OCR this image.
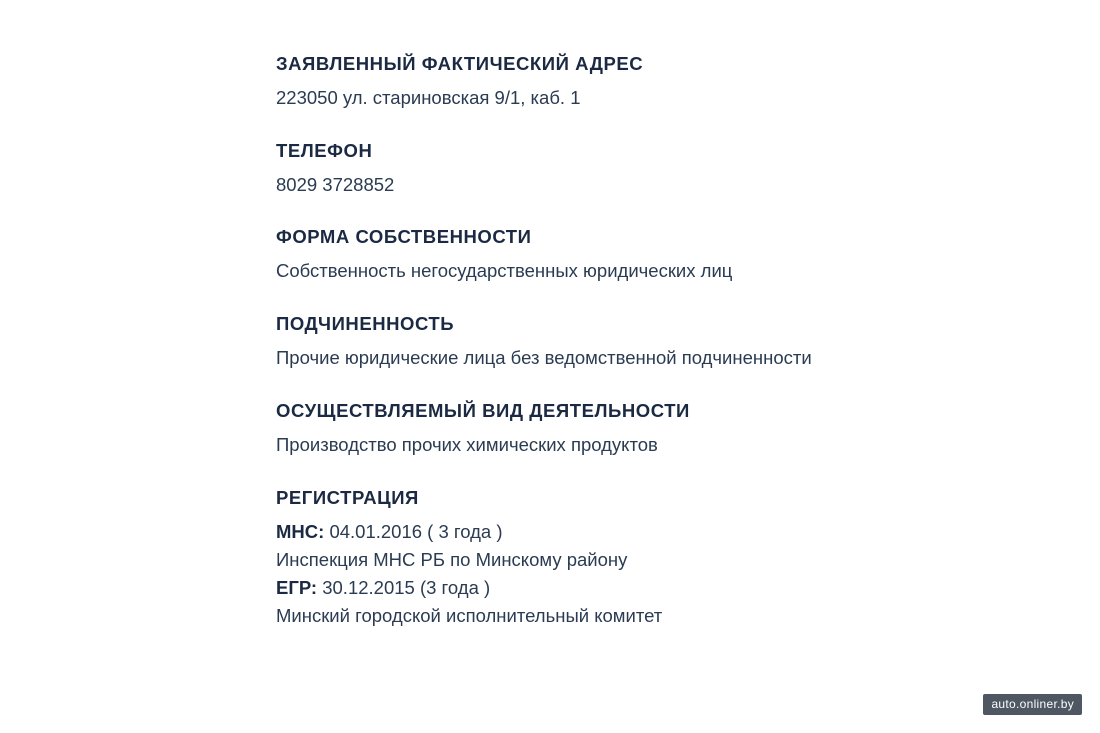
ЗАЯВЛЕННЫЙ ФАКТИЧЕСКИЙ АДРЕС

223050 ул. стариновская 9/1, каб. 1

ТЕЛЕФОН

8029 3728852

ФОРМА СОБСТВЕННОСТИ

Собственность негосударственных юридических лиц

ПОДЧИНЕННОСТЬ

Прочие юридические лица без ведомственной подчиненности

ОСУЩЕСТВЛЯЕМЫЙ ВИД ДЕЯТЕЛЬНОСТИ

Производство прочих химических продуктов

РЕГИСТРАЦИЯ

МНС: 04.01.2016 ( 3 года )

Инспекция МНС РБ по Минскому району

ЕГР: 30.12.2015 (3 года )

Минский городской исполнительный комитет

auto.onliner.by
